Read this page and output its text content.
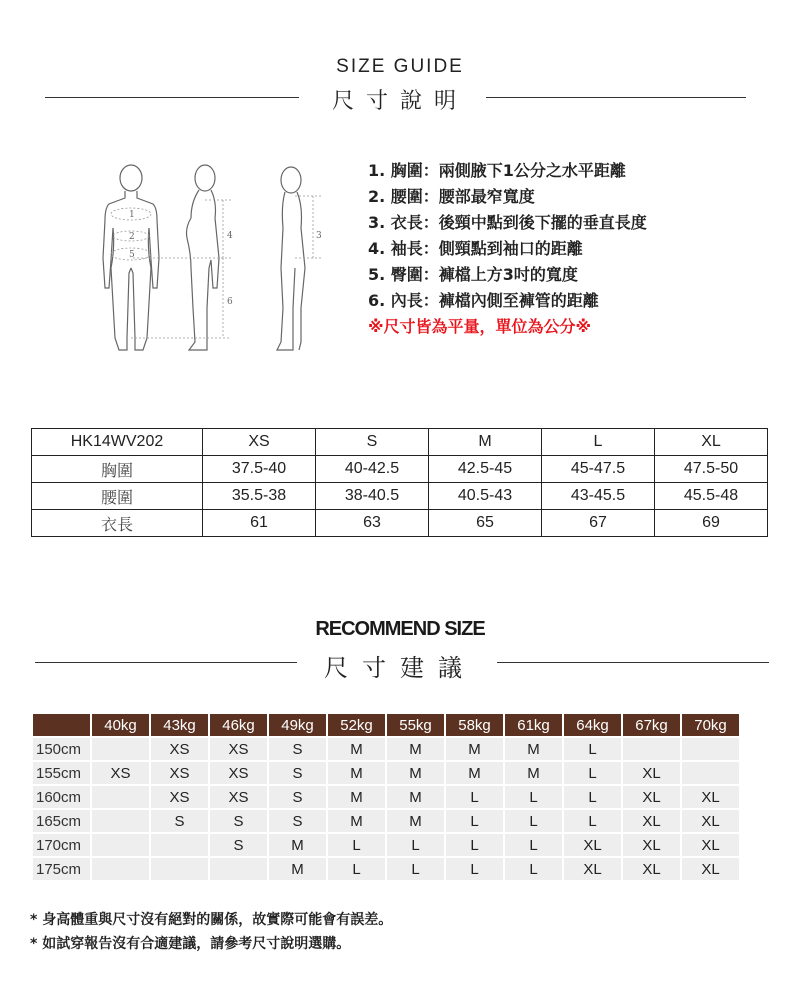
SIZE GUIDE
尺寸說明
1
2
5
4	3
6
1. 胸圍：兩側腋下1公分之水平距離
2. 腰圍：腰部最窄寬度
3. 衣長：後頸中點到後下擺的垂直長度
4. 袖長：側頸點到袖口的距離
5. 臀圍：褲檔上方3吋的寬度
6. 內長：褲檔內側至褲管的距離
※尺寸皆為平量，單位為公分※
HK14WV202	XS	S	M	L	XL
胸圍	37.5-40	40-42.5	42.5-45	45-47.5	47.5-50
腰圍	35.5-38	38-40.5	40.5-43	43-45.5	45.5-48
衣長	61	63	65	67	69
RECOMMEND SIZE
尺寸建議
	40kg	43kg	46kg	49kg	52kg	55kg	58kg	61kg	64kg	67kg	70kg
150cm		XS	XS	S	M	M	M	M	L		
155cm	XS	XS	XS	S	M	M	M	M	L	XL	
160cm		XS	XS	S	M	M	L	L	L	XL	XL
165cm		S	S	S	M	M	L	L	L	XL	XL
170cm			S	M	L	L	L	L	XL	XL	XL
175cm				M	L	L	L	L	XL	XL	XL
* 身高體重與尺寸沒有絕對的關係，故實際可能會有誤差。
* 如試穿報告沒有合適建議，請參考尺寸說明選購。
